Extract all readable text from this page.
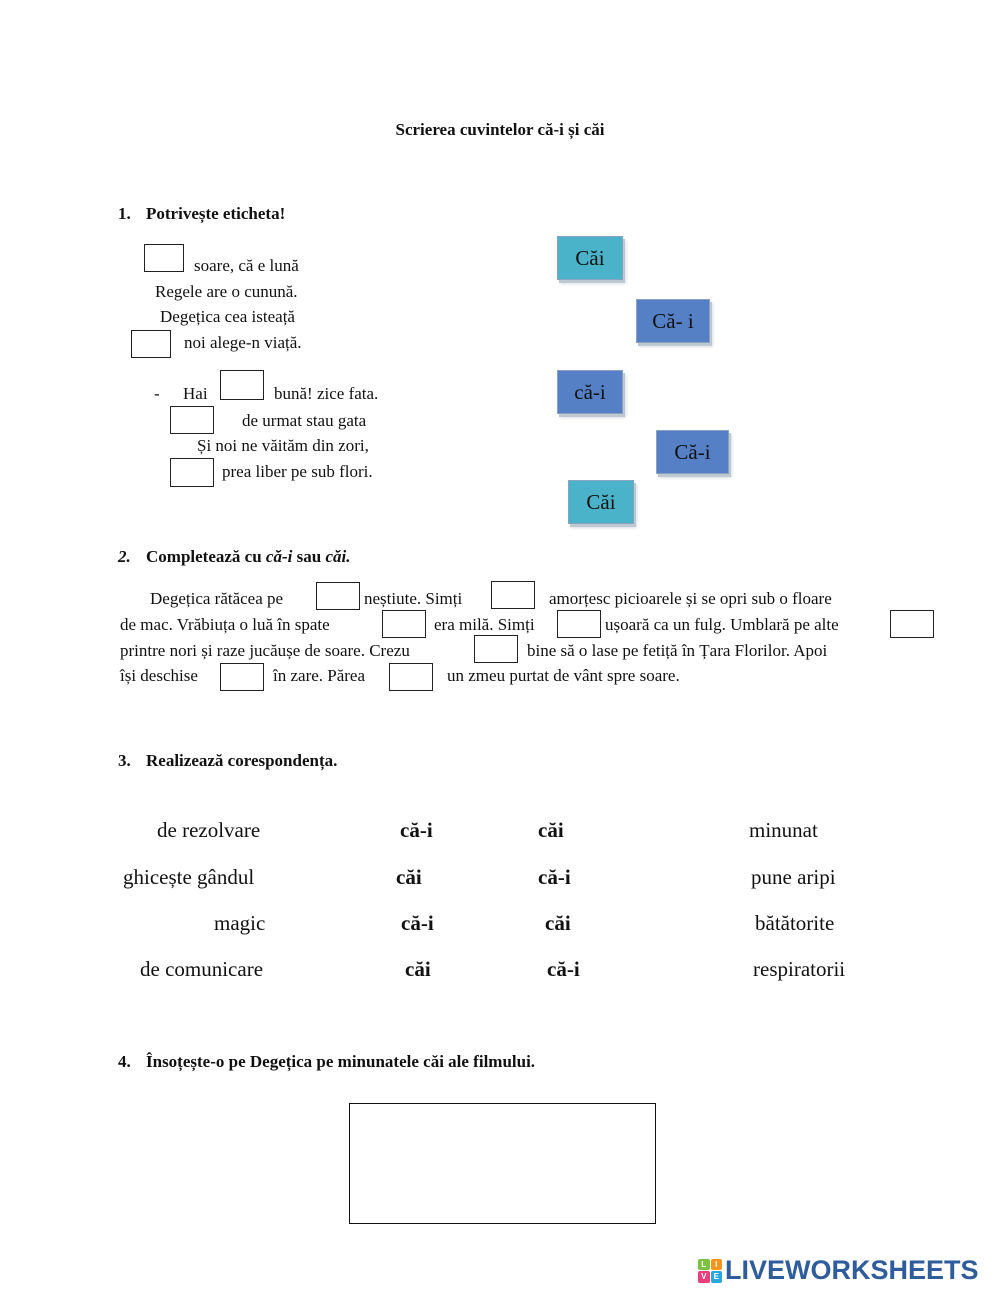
Scrierea cuvintelor că-i și căi
1. Potrivește eticheta!
soare, că e lună
Regele are o cunună.
Degețica cea isteață
noi alege-n viață.
- Hai	bună! zice fata.
de urmat stau gata
Și noi ne văităm din zori,
prea liber pe sub flori.
Căi
Că- i
că-i
Că-i
Căi
2. Completează cu că-i sau căi.
Degețica rătăcea pe	neștiute. Simți	amorțesc picioarele și se opri sub o floare
de mac. Vrăbiuța o luă în spate	era milă. Simți	ușoară ca un fulg. Umblară pe alte
printre nori și raze jucăușe de soare. Crezu	bine să o lase pe fetiță în Țara Florilor. Apoi
își deschise	în zare. Părea	un zmeu purtat de vânt spre soare.
3. Realizează corespondența.
de rezolvare	că-i	căi	minunat
ghicește gândul	căi	că-i	pune aripi
magic	că-i	căi	bătătorite
de comunicare	căi	că-i	respiratorii
4. Însoțește-o pe Degețica pe minunatele căi ale filmului.
L	I
V E LIVEWORKSHEETS
